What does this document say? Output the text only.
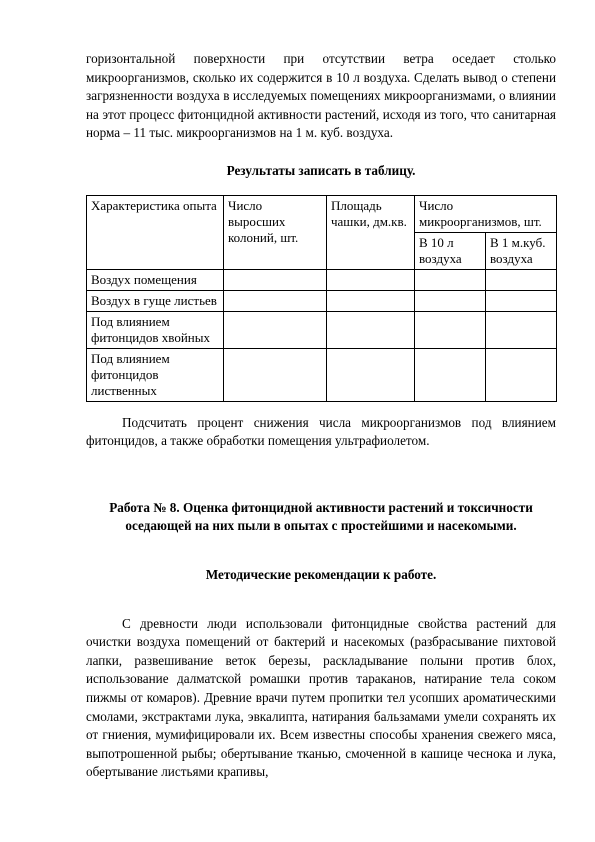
горизонтальной поверхности при отсутствии ветра оседает столько микроорганизмов, сколько их содержится в 10 л воздуха. Сделать вывод о степени загрязненности воздуха в исследуемых помещениях микроорганизмами, о влиянии на этот процесс фитонцидной активности растений, исходя из того, что санитарная норма – 11 тыс. микроорганизмов на 1 м. куб. воздуха.

Результаты записать в таблицу.

Характеристика опыта	Число выросших колоний, шт.	Площадь чашки, дм.кв.	Число микроорганизмов, шт.	
			В 10 л воздуха	В 1 м.куб. воздуха
Воздух помещения				
Воздух в гуще листьев				
Под влиянием фитонцидов хвойных				
Под влиянием фитонцидов лиственных				

Подсчитать процент снижения числа микроорганизмов под влиянием фитонцидов, а также обработки помещения ультрафиолетом.

Работа № 8. Оценка фитонцидной активности растений и токсичности оседающей на них пыли в опытах с простейшими и насекомыми.

Методические рекомендации к работе.

С древности люди использовали фитонцидные свойства растений для очистки воздуха помещений от бактерий и насекомых (разбрасывание пихтовой лапки, развешивание веток березы, раскладывание полыни против блох, использование далматской ромашки против тараканов, натирание тела соком пижмы от комаров). Древние врачи путем пропитки тел усопших ароматическими смолами, экстрактами лука, эвкалипта, натирания бальзамами умели сохранять их от гниения, мумифицировали их. Всем известны способы хранения свежего мяса, выпотрошенной рыбы; обертывание тканью, смоченной в кашице чеснока и лука, обертывание листьями крапивы,
